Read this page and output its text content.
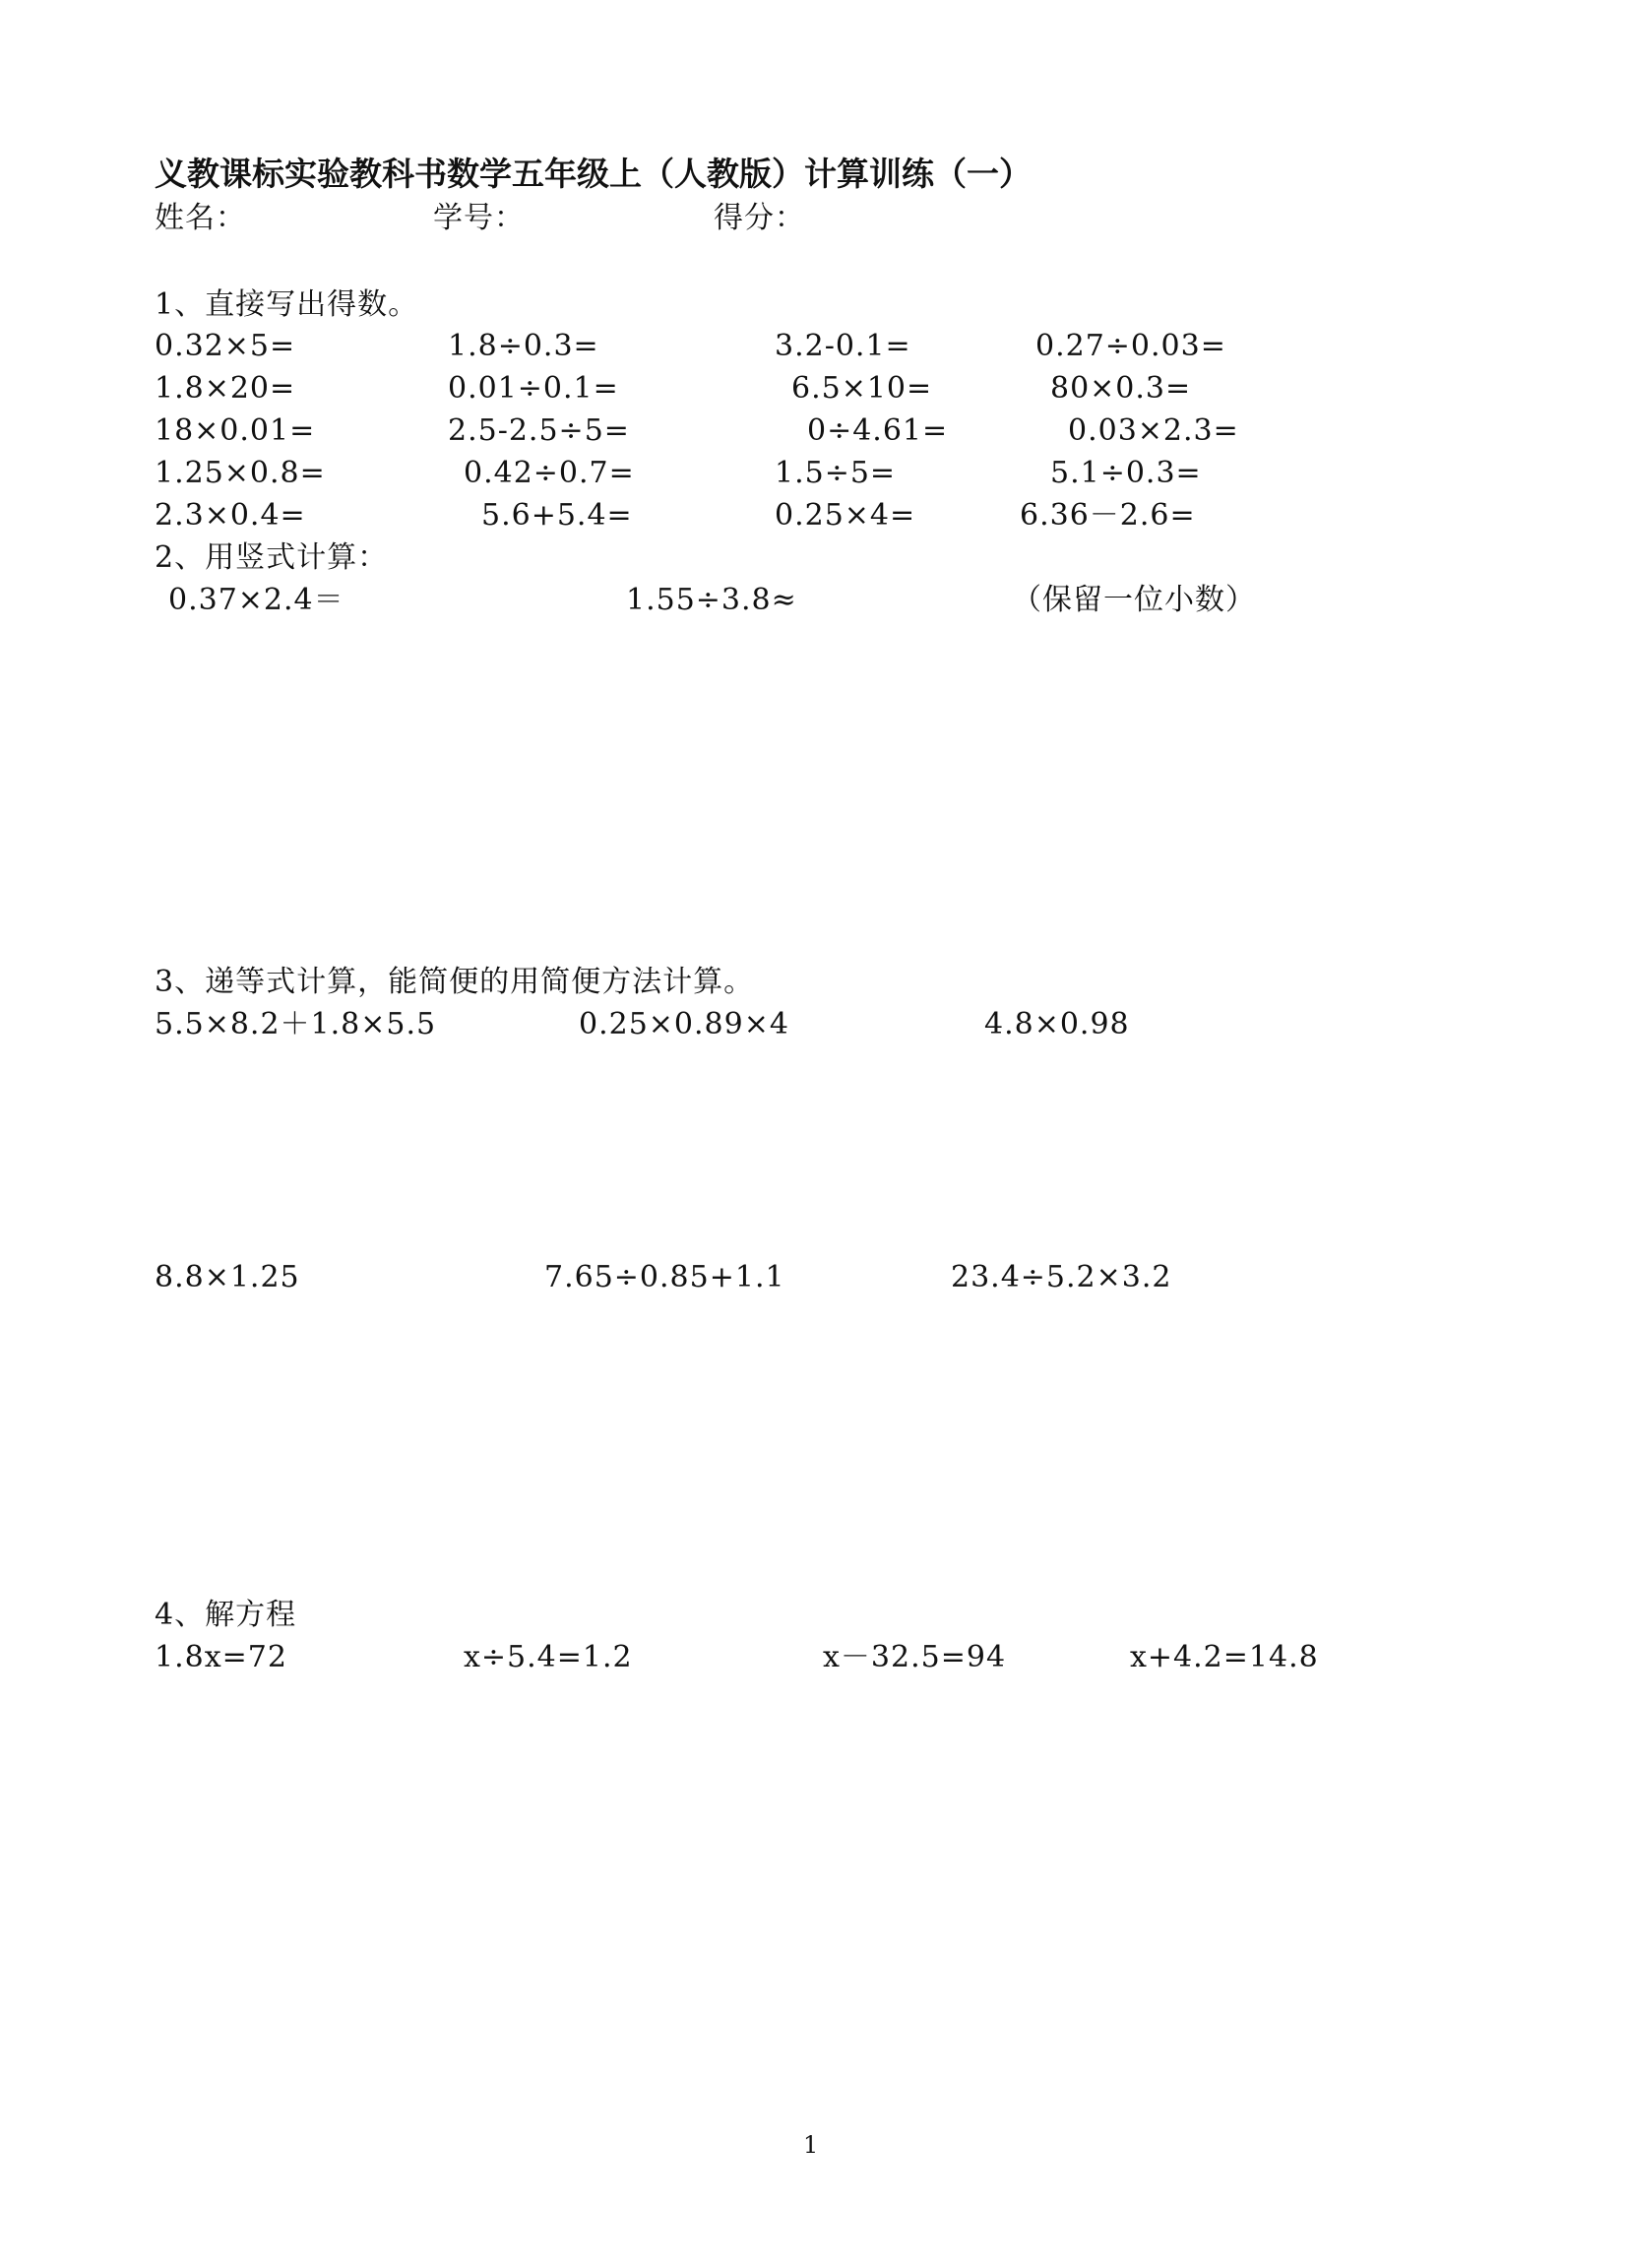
义教课标实验教科书数学五年级上（人教版）计算训练（一）
姓名：	学号：	得分：
1、直接写出得数。
0.32×5=	1.8÷0.3=	3.2-0.1=	0.27÷0.03=
1.8×20=	0.01÷0.1=	6.5×10=	80×0.3=
18×0.01=	2.5-2.5÷5=	0÷4.61=	0.03×2.3=
1.25×0.8=	0.42÷0.7=	1.5÷5=	5.1÷0.3=
2.3×0.4=	5.6+5.4=	0.25×4=	6.36－2.6=
2、用竖式计算：
0.37×2.4＝	1.55÷3.8≈	（保留一位小数）
3、递等式计算，能简便的用简便方法计算。
5.5×8.2＋1.8×5.5	0.25×0.89×4	4.8×0.98
8.8×1.25	7.65÷0.85+1.1	23.4÷5.2×3.2
4、解方程
1.8x=72	x÷5.4=1.2	x－32.5=94	x+4.2=14.8
1
